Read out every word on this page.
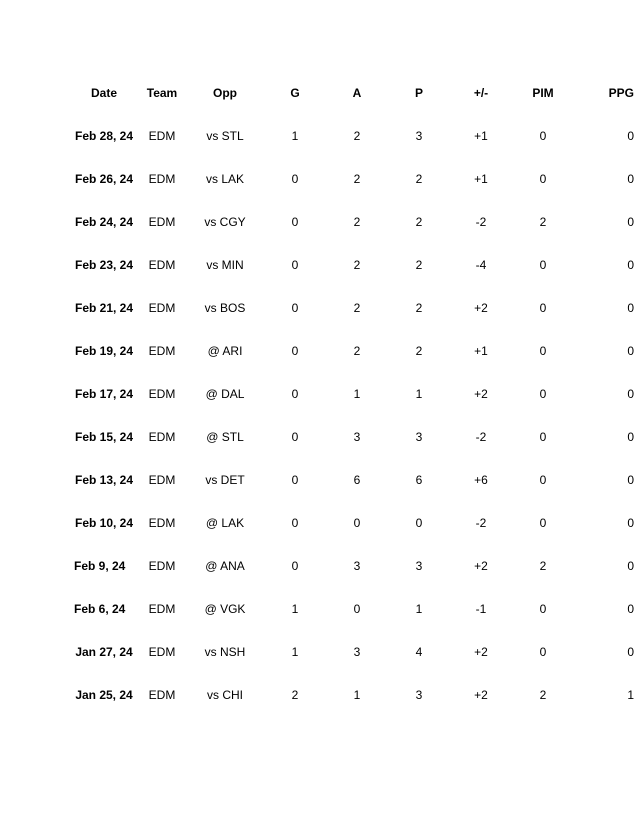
Date	Team	Opp	G	A	P	+/-	PIM	PPG
Feb 28, 24	EDM	vs STL	1	2	3	+1	0	0
Feb 26, 24	EDM	vs LAK	0	2	2	+1	0	0
Feb 24, 24	EDM	vs CGY	0	2	2	-2	2	0
Feb 23, 24	EDM	vs MIN	0	2	2	-4	0	0
Feb 21, 24	EDM	vs BOS	0	2	2	+2	0	0
Feb 19, 24	EDM	@ ARI	0	2	2	+1	0	0
Feb 17, 24	EDM	@ DAL	0	1	1	+2	0	0
Feb 15, 24	EDM	@ STL	0	3	3	-2	0	0
Feb 13, 24	EDM	vs DET	0	6	6	+6	0	0
Feb 10, 24	EDM	@ LAK	0	0	0	-2	0	0
Feb 9, 24	EDM	@ ANA	0	3	3	+2	2	0
Feb 6, 24	EDM	@ VGK	1	0	1	-1	0	0
Jan 27, 24	EDM	vs NSH	1	3	4	+2	0	0
Jan 25, 24	EDM	vs CHI	2	1	3	+2	2	1
